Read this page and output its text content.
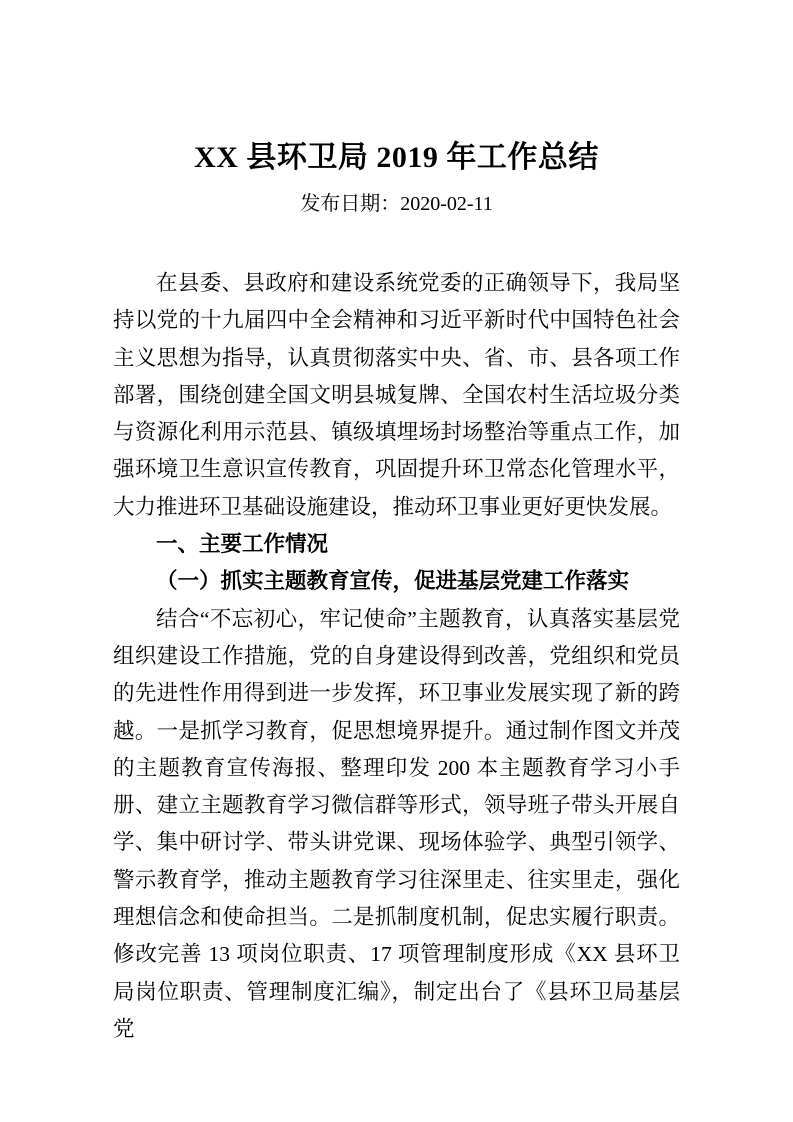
XX 县环卫局 2019 年工作总结
发布日期：2020-02-11

在县委、县政府和建设系统党委的正确领导下，我局坚持以党的十九届四中全会精神和习近平新时代中国特色社会主义思想为指导，认真贯彻落实中央、省、市、县各项工作部署，围绕创建全国文明县城复牌、全国农村生活垃圾分类与资源化利用示范县、镇级填埋场封场整治等重点工作，加强环境卫生意识宣传教育，巩固提升环卫常态化管理水平，大力推进环卫基础设施建设，推动环卫事业更好更快发展。

一、主要工作情况
（一）抓实主题教育宣传，促进基层党建工作落实

结合“不忘初心，牢记使命”主题教育，认真落实基层党组织建设工作措施，党的自身建设得到改善，党组织和党员的先进性作用得到进一步发挥，环卫事业发展实现了新的跨越。一是抓学习教育，促思想境界提升。通过制作图文并茂的主题教育宣传海报、整理印发 200 本主题教育学习小手册、建立主题教育学习微信群等形式，领导班子带头开展自学、集中研讨学、带头讲党课、现场体验学、典型引领学、警示教育学，推动主题教育学习往深里走、往实里走，强化理想信念和使命担当。二是抓制度机制，促忠实履行职责。修改完善 13 项岗位职责、17 项管理制度形成《XX 县环卫局岗位职责、管理制度汇编》，制定出台了《县环卫局基层党
